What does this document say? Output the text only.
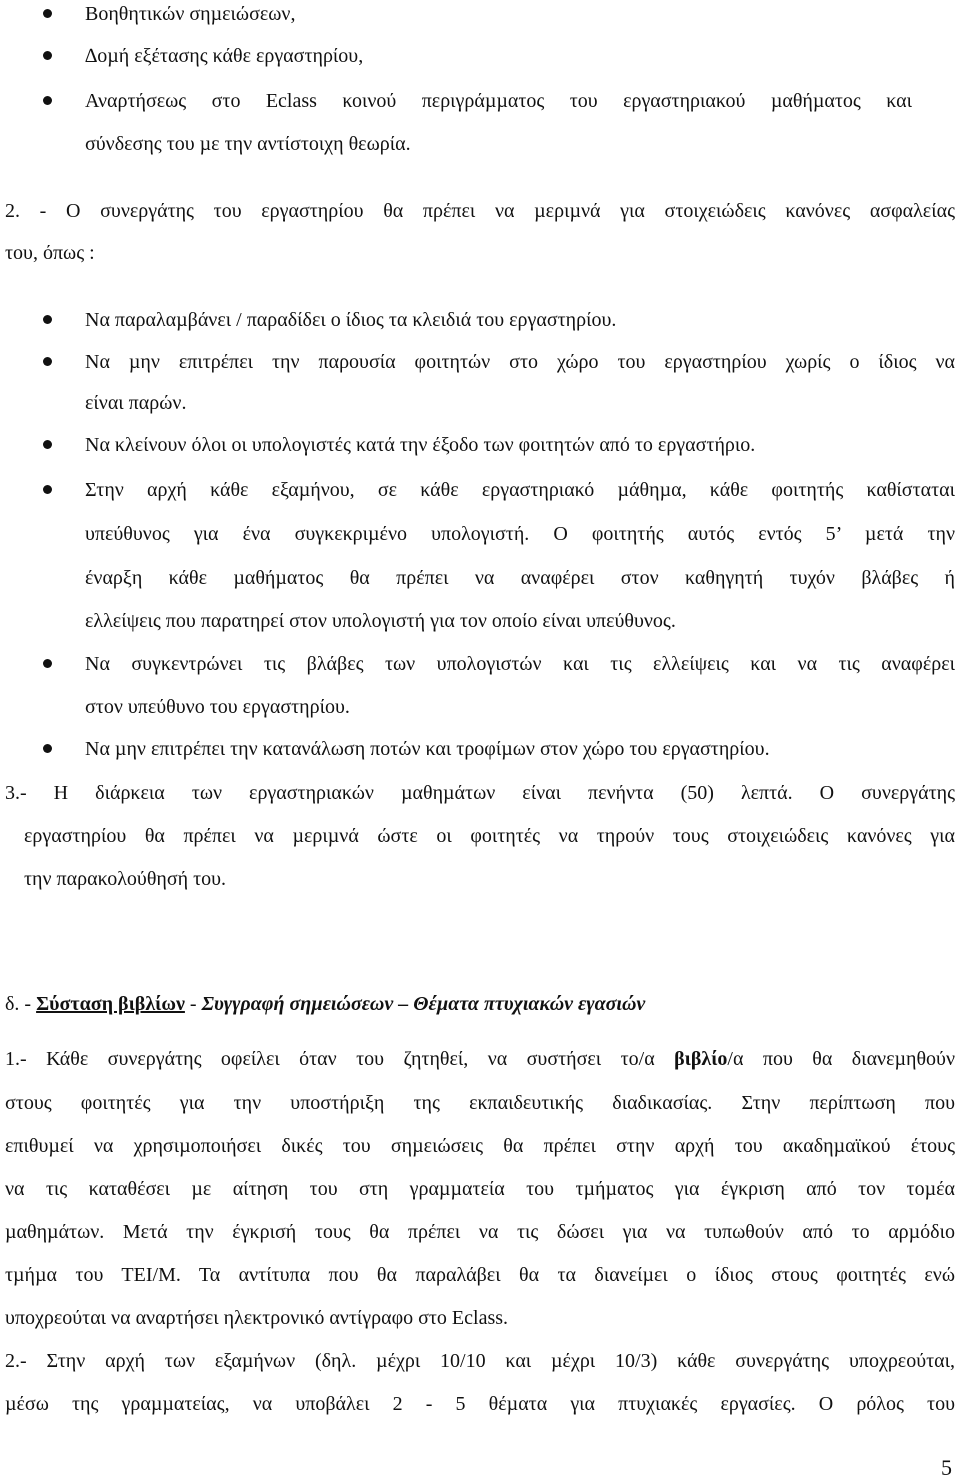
Βοηθητικών σηµειώσεων,
∆οµή εξέτασης κάθε εργαστηρίου,
Αναρτήσεως στο Eclass κοινού περιγράµµατος του εργαστηριακού µαθήµατος και
σύνδεσης του µε την αντίστοιχη θεωρία.
2. - Ο συνεργάτης του εργαστηρίου θα πρέπει να µεριµνά για στοιχειώδεις κανόνες ασφαλείας
του, όπως :
Να παραλαµβάνει / παραδίδει ο ίδιος τα κλειδιά του εργαστηρίου.
Να µην επιτρέπει την παρουσία φοιτητών στο χώρο του εργαστηρίου χωρίς ο ίδιος να
είναι παρών.
Να κλείνουν όλοι οι υπολογιστές κατά την έξοδο των φοιτητών από το εργαστήριο.
Στην αρχή κάθε εξαµήνου, σε κάθε εργαστηριακό µάθηµα, κάθε φοιτητής καθίσταται
υπεύθυνος για ένα συγκεκριµένο υπολογιστή. Ο φοιτητής αυτός εντός 5’ µετά την
έναρξη κάθε µαθήµατος θα πρέπει να αναφέρει στον καθηγητή τυχόν βλάβες ή
ελλείψεις που παρατηρεί στον υπολογιστή για τον οποίο είναι υπεύθυνος.
Να συγκεντρώνει τις βλάβες των υπολογιστών και τις ελλείψεις και να τις αναφέρει
στον υπεύθυνο του εργαστηρίου.
Να µην επιτρέπει την κατανάλωση ποτών και τροφίµων στον χώρο του εργαστηρίου.
3.- Η διάρκεια των εργαστηριακών µαθηµάτων είναι πενήντα (50) λεπτά. Ο συνεργάτης
εργαστηρίου θα πρέπει να µεριµνά ώστε οι φοιτητές να τηρούν τους στοιχειώδεις κανόνες για
την παρακολούθησή του.
δ. - Σύσταση βιβλίων - Συγγραφή σηµειώσεων – Θέµατα πτυχιακών εγασιών
1.- Κάθε συνεργάτης οφείλει όταν του ζητηθεί, να συστήσει το/α βιβλίο/α που θα διανεµηθούν
στους φοιτητές για την υποστήριξη της εκπαιδευτικής διαδικασίας. Στην περίπτωση που
επιθυµεί να χρησιµοποιήσει δικές του σηµειώσεις θα πρέπει στην αρχή του ακαδηµαϊκού έτους
να τις καταθέσει µε αίτηση του στη γραµµατεία του τµήµατος για έγκριση από τον τοµέα
µαθηµάτων. Μετά την έγκρισή τους θα πρέπει να τις δώσει για να τυπωθούν από το αρµόδιο
τµήµα του ΤΕΙ/Μ. Τα αντίτυπα που θα παραλάβει θα τα διανείµει ο ίδιος στους φοιτητές ενώ
υποχρεούται να αναρτήσει ηλεκτρονικό αντίγραφο στο Eclass.
2.- Στην αρχή των εξαµήνων (δηλ. µέχρι 10/10 και µέχρι 10/3) κάθε συνεργάτης υποχρεούται,
µέσω της γραµµατείας, να υποβάλει 2 - 5 θέµατα για πτυχιακές εργασίες. Ο ρόλος του
5
